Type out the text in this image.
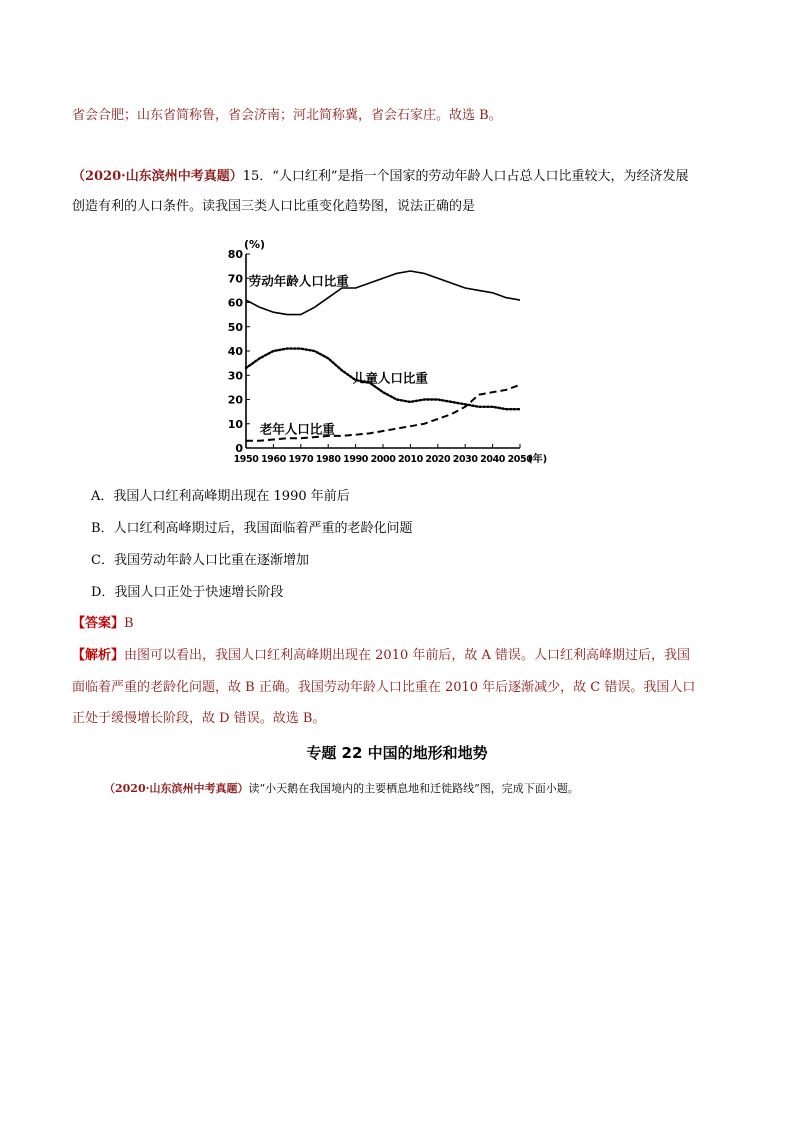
省会合肥；山东省简称鲁，省会济南；河北简称冀，省会石家庄。故选 B。
（2020·山东滨州中考真题）15．“人口红利”是指一个国家的劳动年龄人口占总人口比重较大，为经济发展
创造有利的人口条件。读我国三类人口比重变化趋势图，说法正确的是
0
10
20
30
40
50
60
70
80
1950 1960 1970 1980 1990 2000 2010 2020 2030 2040 2050
(%)
(年)
劳动年龄人口比重
儿童人口比重
老年人口比重
A．我国人口红利高峰期出现在 1990 年前后
B．人口红利高峰期过后，我国面临着严重的老龄化问题
C．我国劳动年龄人口比重在逐渐增加
D．我国人口正处于快速增长阶段
【答案】B
【解析】由图可以看出，我国人口红利高峰期出现在 2010 年前后，故 A 错误。人口红利高峰期过后，我国
面临着严重的老龄化问题，故 B 正确。我国劳动年龄人口比重在 2010 年后逐渐减少，故 C 错误。我国人口
正处于缓慢增长阶段，故 D 错误。故选 B。
专题 22 中国的地形和地势
（2020·山东滨州中考真题）读“小天鹅在我国境内的主要栖息地和迁徙路线”图，完成下面小题。
